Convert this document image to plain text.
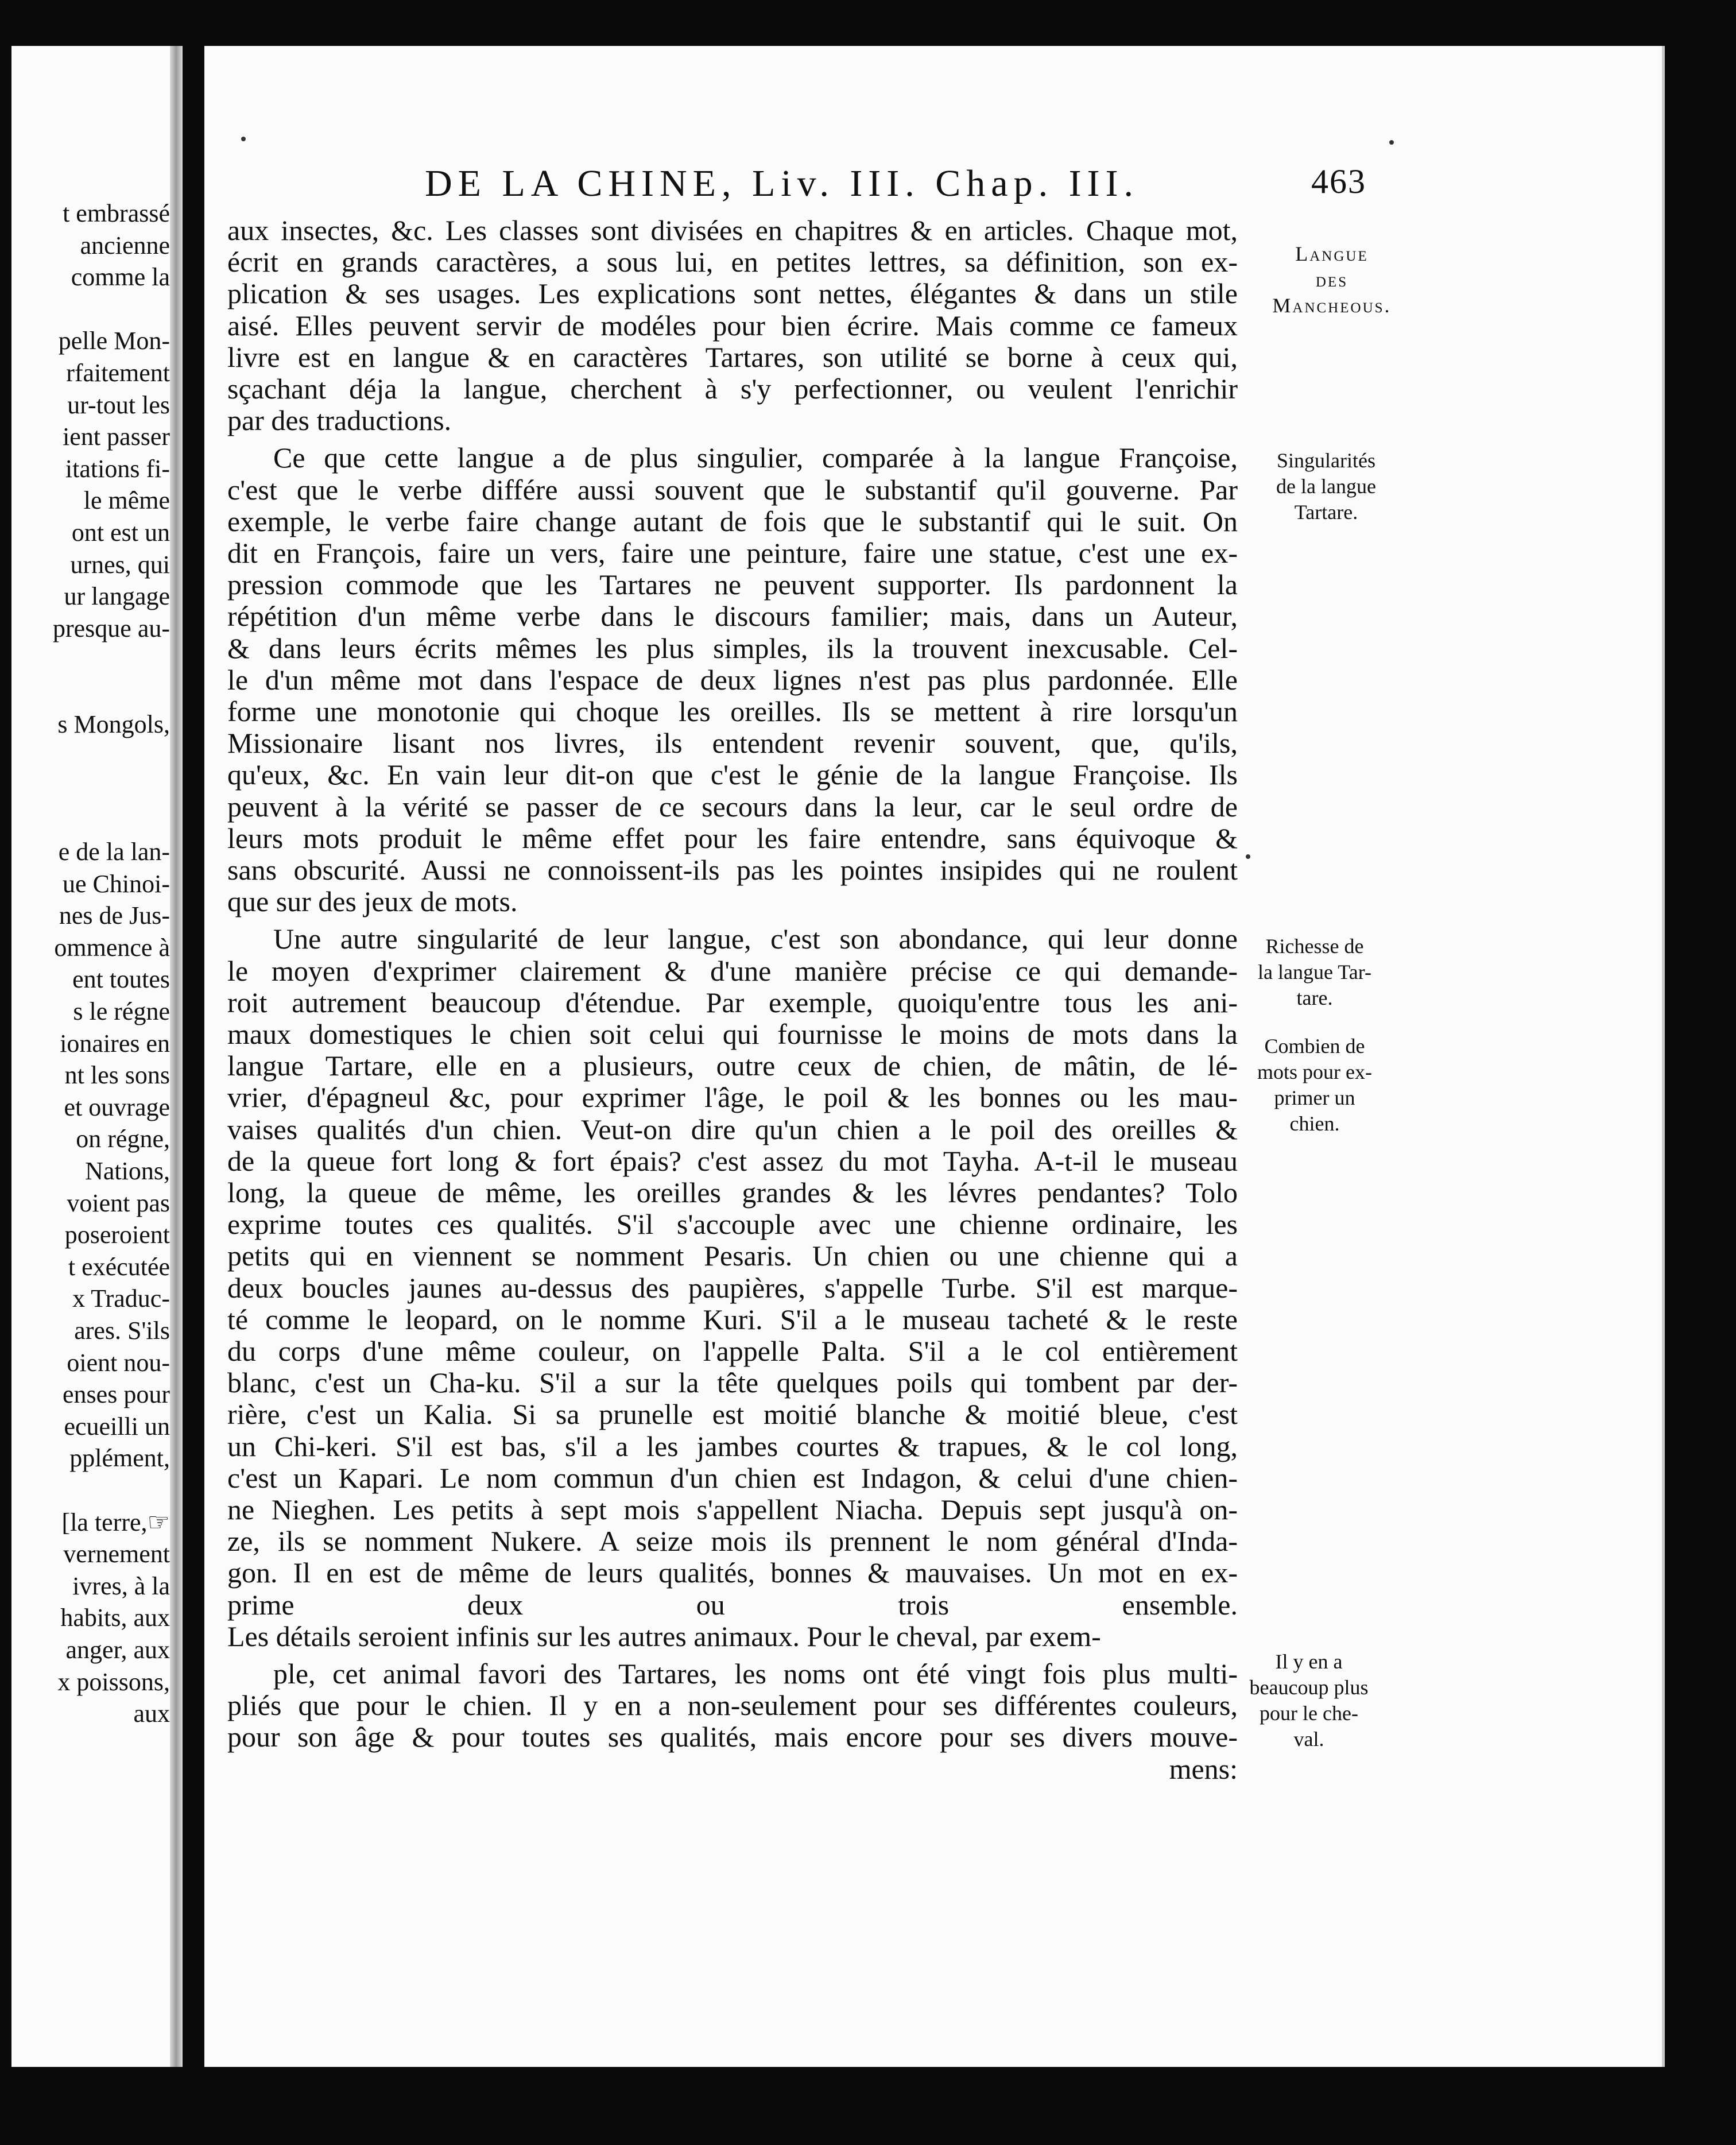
t embrassé
ancienne
comme la
pelle Mon-
rfaitement
ur-tout les
ient passer
itations fi-
le même
ont est un
urnes, qui
ur langage
presque au-
s Mongols,
e de la lan-
ue Chinoi-
nes de Jus-
ommence à
ent toutes
s le régne
ionaires en
nt les sons
et ouvrage
on régne,
Nations,
voient pas
poseroient
t exécutée
x Traduc-
ares. S'ils
oient nou-
enses pour
ecueilli un
pplément,
[la terre,☞
vernement
ivres, à la
habits, aux
anger, aux
x poissons,
aux
DE LA CHINE, Liv. III. Chap. III.	463
aux insectes, &c. Les classes sont divisées en chapitres & en articles. Chaque mot,
écrit en grands caractères, a sous lui, en petites lettres, sa définition, son ex-
plication & ses usages. Les explications sont nettes, élégantes & dans un stile
aisé. Elles peuvent servir de modéles pour bien écrire. Mais comme ce fameux
livre est en langue & en caractères Tartares, son utilité se borne à ceux qui,
sçachant déja la langue, cherchent à s'y perfectionner, ou veulent l'enrichir
par des traductions.
Ce que cette langue a de plus singulier, comparée à la langue Françoise,
c'est que le verbe différe aussi souvent que le substantif qu'il gouverne. Par
exemple, le verbe faire change autant de fois que le substantif qui le suit. On
dit en François, faire un vers, faire une peinture, faire une statue, c'est une ex-
pression commode que les Tartares ne peuvent supporter. Ils pardonnent la
répétition d'un même verbe dans le discours familier; mais, dans un Auteur,
& dans leurs écrits mêmes les plus simples, ils la trouvent inexcusable. Cel-
le d'un même mot dans l'espace de deux lignes n'est pas plus pardonnée. Elle
forme une monotonie qui choque les oreilles. Ils se mettent à rire lorsqu'un
Missionaire lisant nos livres, ils entendent revenir souvent, que, qu'ils,
qu'eux, &c. En vain leur dit-on que c'est le génie de la langue Françoise. Ils
peuvent à la vérité se passer de ce secours dans la leur, car le seul ordre de
leurs mots produit le même effet pour les faire entendre, sans équivoque &
sans obscurité. Aussi ne connoissent-ils pas les pointes insipides qui ne roulent
que sur des jeux de mots.
Une autre singularité de leur langue, c'est son abondance, qui leur donne
le moyen d'exprimer clairement & d'une manière précise ce qui demande-
roit autrement beaucoup d'étendue. Par exemple, quoiqu'entre tous les ani-
maux domestiques le chien soit celui qui fournisse le moins de mots dans la
langue Tartare, elle en a plusieurs, outre ceux de chien, de mâtin, de lé-
vrier, d'épagneul &c, pour exprimer l'âge, le poil & les bonnes ou les mau-
vaises qualités d'un chien. Veut-on dire qu'un chien a le poil des oreilles &
de la queue fort long & fort épais? c'est assez du mot Tayha. A-t-il le museau
long, la queue de même, les oreilles grandes & les lévres pendantes? Tolo
exprime toutes ces qualités. S'il s'accouple avec une chienne ordinaire, les
petits qui en viennent se nomment Pesaris. Un chien ou une chienne qui a
deux boucles jaunes au-dessus des paupières, s'appelle Turbe. S'il est marque-
té comme le leopard, on le nomme Kuri. S'il a le museau tacheté & le reste
du corps d'une même couleur, on l'appelle Palta. S'il a le col entièrement
blanc, c'est un Cha-ku. S'il a sur la tête quelques poils qui tombent par der-
rière, c'est un Kalia. Si sa prunelle est moitié blanche & moitié bleue, c'est
un Chi-keri. S'il est bas, s'il a les jambes courtes & trapues, & le col long,
c'est un Kapari. Le nom commun d'un chien est Indagon, & celui d'une chien-
ne Nieghen. Les petits à sept mois s'appellent Niacha. Depuis sept jusqu'à on-
ze, ils se nomment Nukere. A seize mois ils prennent le nom général d'Inda-
gon. Il en est de même de leurs qualités, bonnes & mauvaises. Un mot en ex-
prime deux ou trois ensemble.
Les détails seroient infinis sur les autres animaux. Pour le cheval, par exem-
ple, cet animal favori des Tartares, les noms ont été vingt fois plus multi-
pliés que pour le chien. Il y en a non-seulement pour ses différentes couleurs,
pour son âge & pour toutes ses qualités, mais encore pour ses divers mouve-
mens:
Langue
des
Mancheous.
Singularités
de la langue
Tartare.
Richesse de
la langue Tar-
tare.
Combien de
mots pour ex-
primer un
chien.
Il y en a
beaucoup plus
pour le che-
val.
